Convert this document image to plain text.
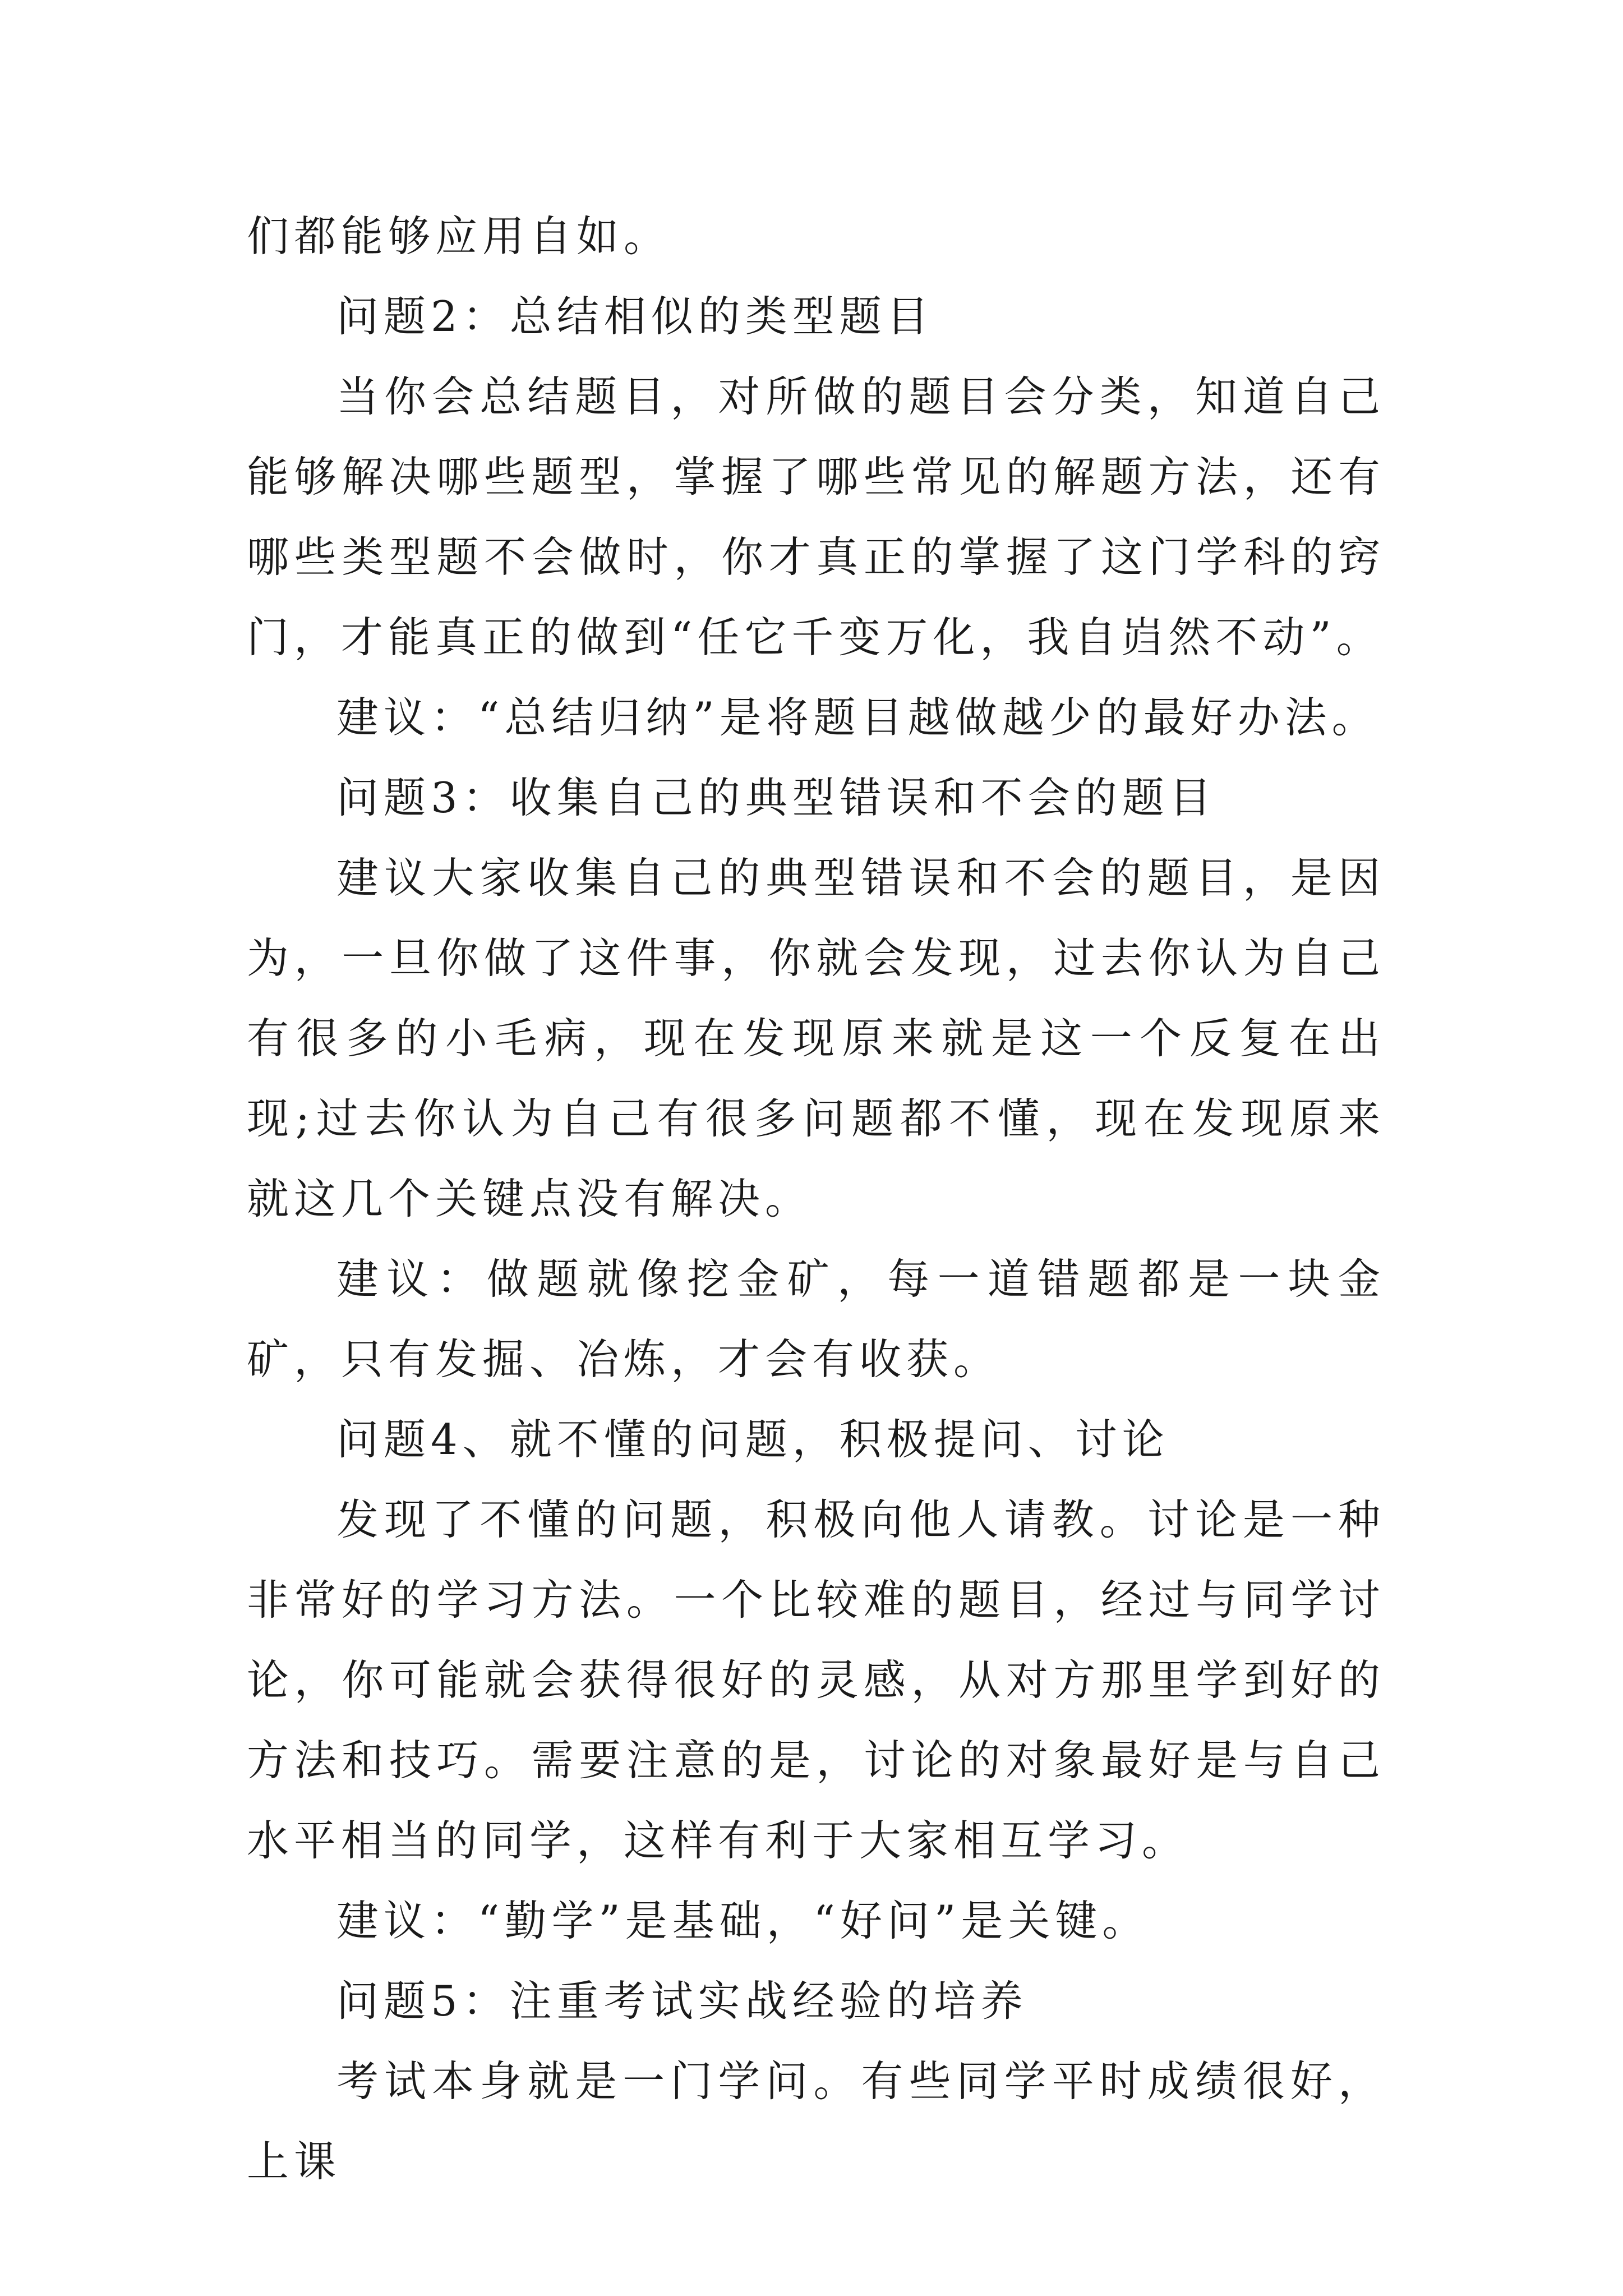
们都能够应用自如。

问题2：总结相似的类型题目

当你会总结题目，对所做的题目会分类，知道自己能够解决哪些题型，掌握了哪些常见的解题方法，还有哪些类型题不会做时，你才真正的掌握了这门学科的窍门，才能真正的做到“任它千变万化，我自岿然不动”。

建议：“总结归纳”是将题目越做越少的最好办法。

问题3：收集自己的典型错误和不会的题目

建议大家收集自己的典型错误和不会的题目，是因为，一旦你做了这件事，你就会发现，过去你认为自己有很多的小毛病，现在发现原来就是这一个反复在出现;过去你认为自己有很多问题都不懂，现在发现原来就这几个关键点没有解决。

建议：做题就像挖金矿，每一道错题都是一块金矿，只有发掘、冶炼，才会有收获。

问题4、就不懂的问题，积极提问、讨论

发现了不懂的问题，积极向他人请教。讨论是一种非常好的学习方法。一个比较难的题目，经过与同学讨论，你可能就会获得很好的灵感，从对方那里学到好的方法和技巧。需要注意的是，讨论的对象最好是与自己水平相当的同学，这样有利于大家相互学习。

建议：“勤学”是基础，“好问”是关键。

问题5：注重考试实战经验的培养

考试本身就是一门学问。有些同学平时成绩很好，上课
